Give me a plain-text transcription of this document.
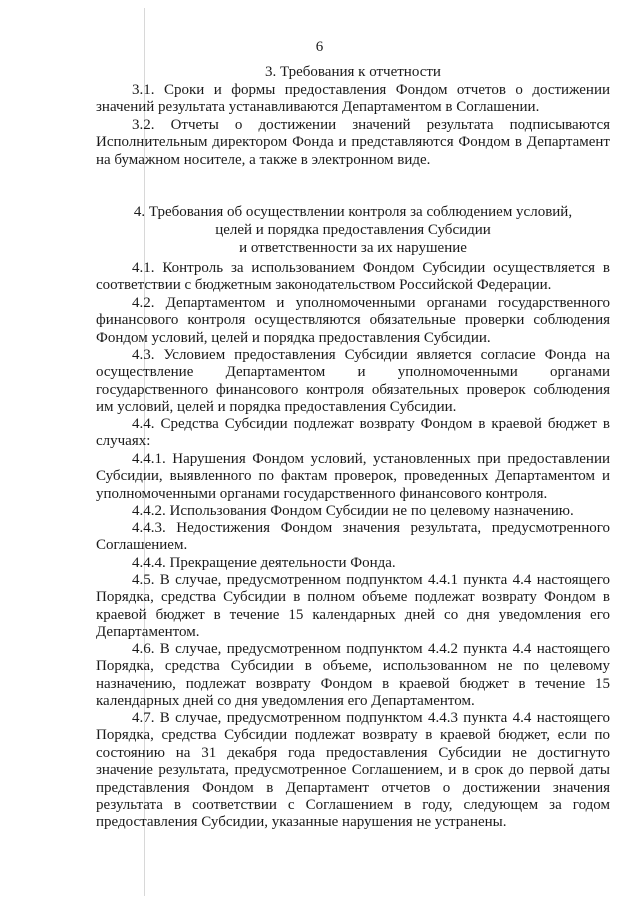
6
3. Требования к отчетности

3.1. Сроки и формы предоставления Фондом отчетов о достижении значений результата устанавливаются Департаментом в Соглашении.

3.2. Отчеты о достижении значений результата подписываются Исполнительным директором Фонда и представляются Фондом в Департамент на бумажном носителе, а также в электронном виде.

4. Требования об осуществлении контроля за соблюдением условий,
целей и порядка предоставления Субсидии
и ответственности за их нарушение

4.1. Контроль за использованием Фондом Субсидии осуществляется в соответствии с бюджетным законодательством Российской Федерации.

4.2. Департаментом и уполномоченными органами государственного финансового контроля осуществляются обязательные проверки соблюдения Фондом условий, целей и порядка предоставления Субсидии.

4.3. Условием предоставления Субсидии является согласие Фонда на осуществление Департаментом и уполномоченными органами государственного финансового контроля обязательных проверок соблюдения им условий, целей и порядка предоставления Субсидии.

4.4. Средства Субсидии подлежат возврату Фондом в краевой бюджет в случаях:

4.4.1. Нарушения Фондом условий, установленных при предоставлении Субсидии, выявленного по фактам проверок, проведенных Департаментом и уполномоченными органами государственного финансового контроля.

4.4.2. Использования Фондом Субсидии не по целевому назначению.

4.4.3. Недостижения Фондом значения результата, предусмотренного Соглашением.

4.4.4. Прекращение деятельности Фонда.

4.5. В случае, предусмотренном подпунктом 4.4.1 пункта 4.4 настоящего Порядка, средства Субсидии в полном объеме подлежат возврату Фондом в краевой бюджет в течение 15 календарных дней со дня уведомления его Департаментом.

4.6. В случае, предусмотренном подпунктом 4.4.2 пункта 4.4 настоящего Порядка, средства Субсидии в объеме, использованном не по целевому назначению, подлежат возврату Фондом в краевой бюджет в течение 15 календарных дней со дня уведомления его Департаментом.

4.7. В случае, предусмотренном подпунктом 4.4.3 пункта 4.4 настоящего Порядка, средства Субсидии подлежат возврату в краевой бюджет, если по состоянию на 31 декабря года предоставления Субсидии не достигнуто значение результата, предусмотренное Соглашением, и в срок до первой даты представления Фондом в Департамент отчетов о достижении значения результата в соответствии с Соглашением в году, следующем за годом предоставления Субсидии, указанные нарушения не устранены.
